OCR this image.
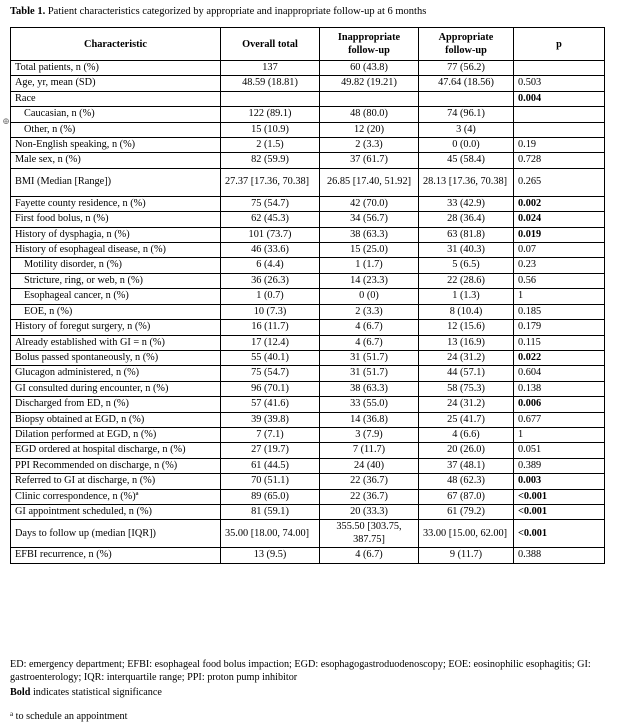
Table 1. Patient characteristics categorized by appropriate and inappropriate follow-up at 6 months
⊕
Characteristic	Overall total	Inappropriate follow-up	Appropriate follow-up	p
Total patients, n (%)	137	60 (43.8)	77 (56.2)	
Age, yr, mean (SD)	48.59 (18.81)	49.82 (19.21)	47.64 (18.56)	0.503
Race				0.004
Caucasian, n (%)	122 (89.1)	48 (80.0)	74 (96.1)	
Other, n (%)	15 (10.9)	12 (20)	3 (4)	
Non-English speaking, n (%)	2 (1.5)	2 (3.3)	0 (0.0)	0.19
Male sex, n (%)	82 (59.9)	37 (61.7)	45 (58.4)	0.728
BMI (Median [Range])	27.37 [17.36, 70.38]	26.85 [17.40, 51.92]	28.13 [17.36, 70.38]	0.265
Fayette county residence, n (%)	75 (54.7)	42 (70.0)	33 (42.9)	0.002
First food bolus, n (%)	62 (45.3)	34 (56.7)	28 (36.4)	0.024
History of dysphagia, n (%)	101 (73.7)	38 (63.3)	63 (81.8)	0.019
History of esophageal disease, n (%)	46 (33.6)	15 (25.0)	31 (40.3)	0.07
Motility disorder, n (%)	6 (4.4)	1 (1.7)	5 (6.5)	0.23
Stricture, ring, or web, n (%)	36 (26.3)	14 (23.3)	22 (28.6)	0.56
Esophageal cancer, n (%)	1 (0.7)	0 (0)	1 (1.3)	1
EOE, n (%)	10 (7.3)	2 (3.3)	8 (10.4)	0.185
History of foregut surgery, n (%)	16 (11.7)	4 (6.7)	12 (15.6)	0.179
Already established with GI = n (%)	17 (12.4)	4 (6.7)	13 (16.9)	0.115
Bolus passed spontaneously, n (%)	55 (40.1)	31 (51.7)	24 (31.2)	0.022
Glucagon administered, n (%)	75 (54.7)	31 (51.7)	44 (57.1)	0.604
GI consulted during encounter, n (%)	96 (70.1)	38 (63.3)	58 (75.3)	0.138
Discharged from ED, n (%)	57 (41.6)	33 (55.0)	24 (31.2)	0.006
Biopsy obtained at EGD, n (%)	39 (39.8)	14 (36.8)	25 (41.7)	0.677
Dilation performed at EGD, n (%)	7 (7.1)	3 (7.9)	4 (6.6)	1
EGD ordered at hospital discharge, n (%)	27 (19.7)	7 (11.7)	20 (26.0)	0.051
PPI Recommended on discharge, n (%)	61 (44.5)	24 (40)	37 (48.1)	0.389
Referred to GI at discharge, n (%)	70 (51.1)	22 (36.7)	48 (62.3)	0.003
Clinic correspondence, n (%)ª	89 (65.0)	22 (36.7)	67 (87.0)	<0.001
GI appointment scheduled, n (%)	81 (59.1)	20 (33.3)	61 (79.2)	<0.001
Days to follow up (median [IQR])	35.00 [18.00, 74.00]	355.50 [303.75, 387.75]	33.00 [15.00, 62.00]	<0.001
EFBI recurrence, n (%)	13 (9.5)	4 (6.7)	9 (11.7)	0.388
ED: emergency department; EFBI: esophageal food bolus impaction; EGD: esophagogastroduodenoscopy; EOE: eosinophilic esophagitis; GI: gastroenterology; IQR: interquartile range; PPI: proton pump inhibitor
Bold indicates statistical significance
$^a$ to schedule an appointment
